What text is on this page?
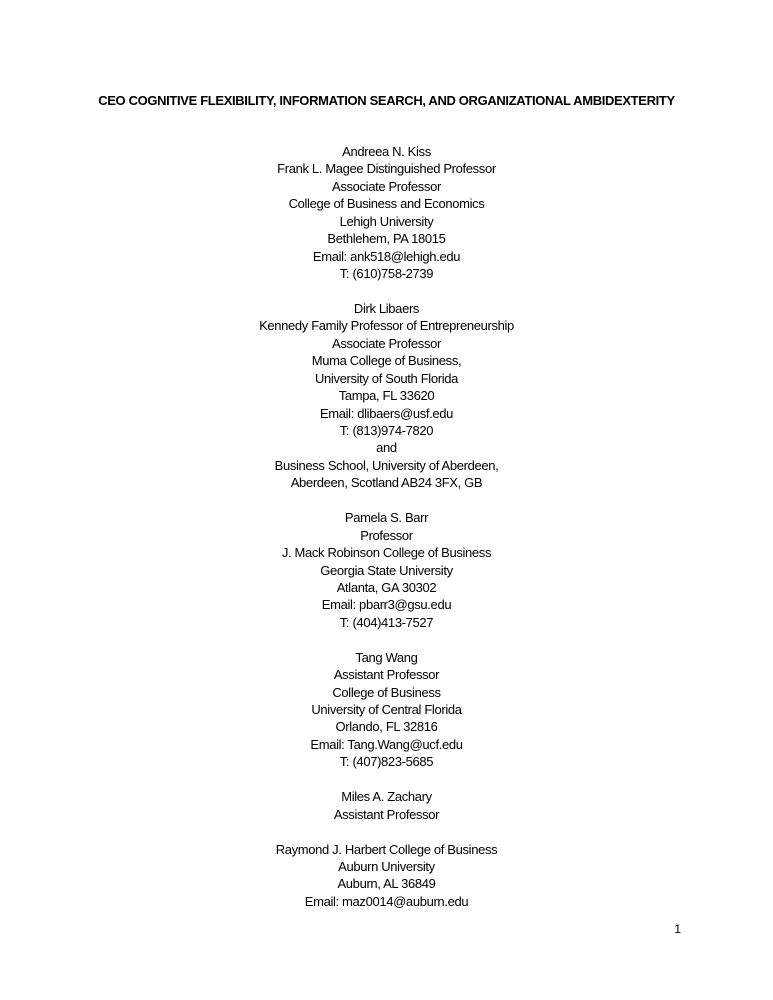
CEO COGNITIVE FLEXIBILITY, INFORMATION SEARCH, AND ORGANIZATIONAL AMBIDEXTERITY
Andreea N. Kiss
Frank L. Magee Distinguished Professor
Associate Professor
College of Business and Economics
Lehigh University
Bethlehem, PA 18015
Email: ank518@lehigh.edu
T: (610)758-2739
Dirk Libaers
Kennedy Family Professor of Entrepreneurship
Associate Professor
Muma College of Business,
University of South Florida
Tampa, FL 33620
Email: dlibaers@usf.edu
T: (813)974-7820
and
Business School, University of Aberdeen,
Aberdeen, Scotland AB24 3FX, GB
Pamela S. Barr
Professor
J. Mack Robinson College of Business
Georgia State University
Atlanta, GA 30302
Email: pbarr3@gsu.edu
T: (404)413-7527
Tang Wang
Assistant Professor
College of Business
University of Central Florida
Orlando, FL 32816
Email: Tang.Wang@ucf.edu
T: (407)823-5685
Miles A. Zachary
Assistant Professor
Raymond J. Harbert College of Business
Auburn University
Auburn, AL 36849
Email: maz0014@auburn.edu
1
